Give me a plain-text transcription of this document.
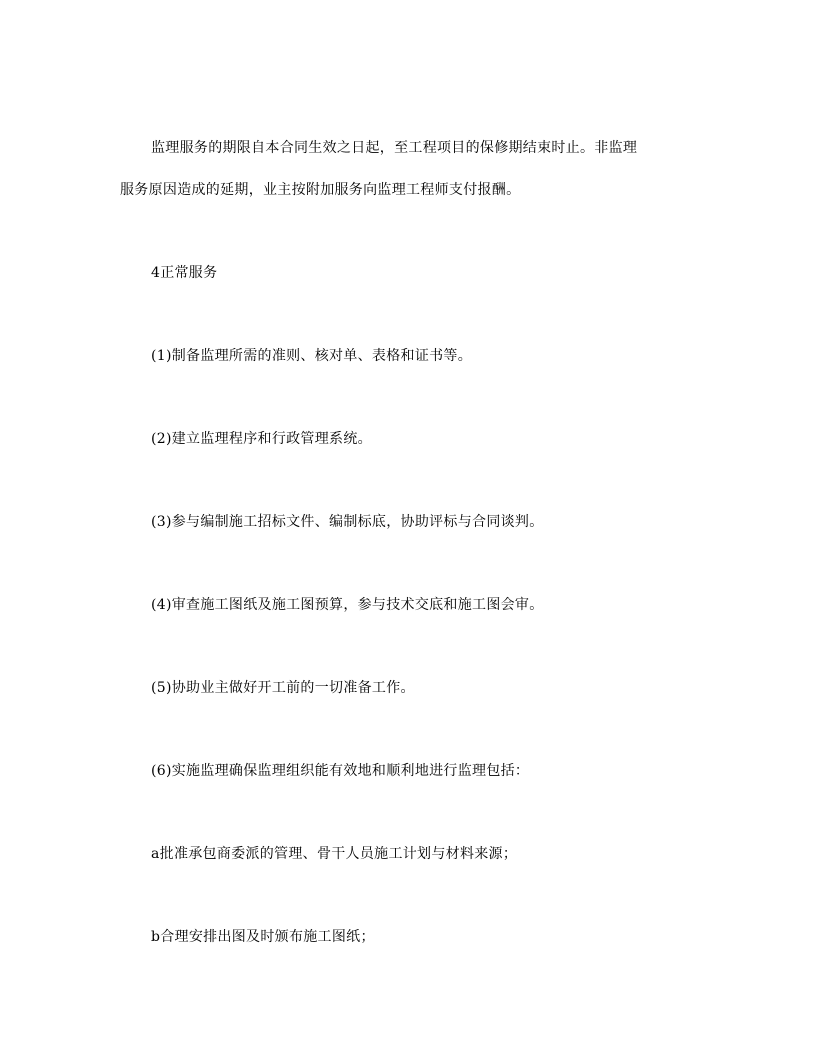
监理服务的期限自本合同生效之日起，至工程项目的保修期结束时止。非监理
服务原因造成的延期，业主按附加服务向监理工程师支付报酬。
4正常服务
(1)制备监理所需的准则、核对单、表格和证书等。
(2)建立监理程序和行政管理系统。
(3)参与编制施工招标文件、编制标底，协助评标与合同谈判。
(4)审查施工图纸及施工图预算，参与技术交底和施工图会审。
(5)协助业主做好开工前的一切准备工作。
(6)实施监理确保监理组织能有效地和顺利地进行监理包括：
a批准承包商委派的管理、骨干人员施工计划与材料来源；
b合理安排出图及时颁布施工图纸；
